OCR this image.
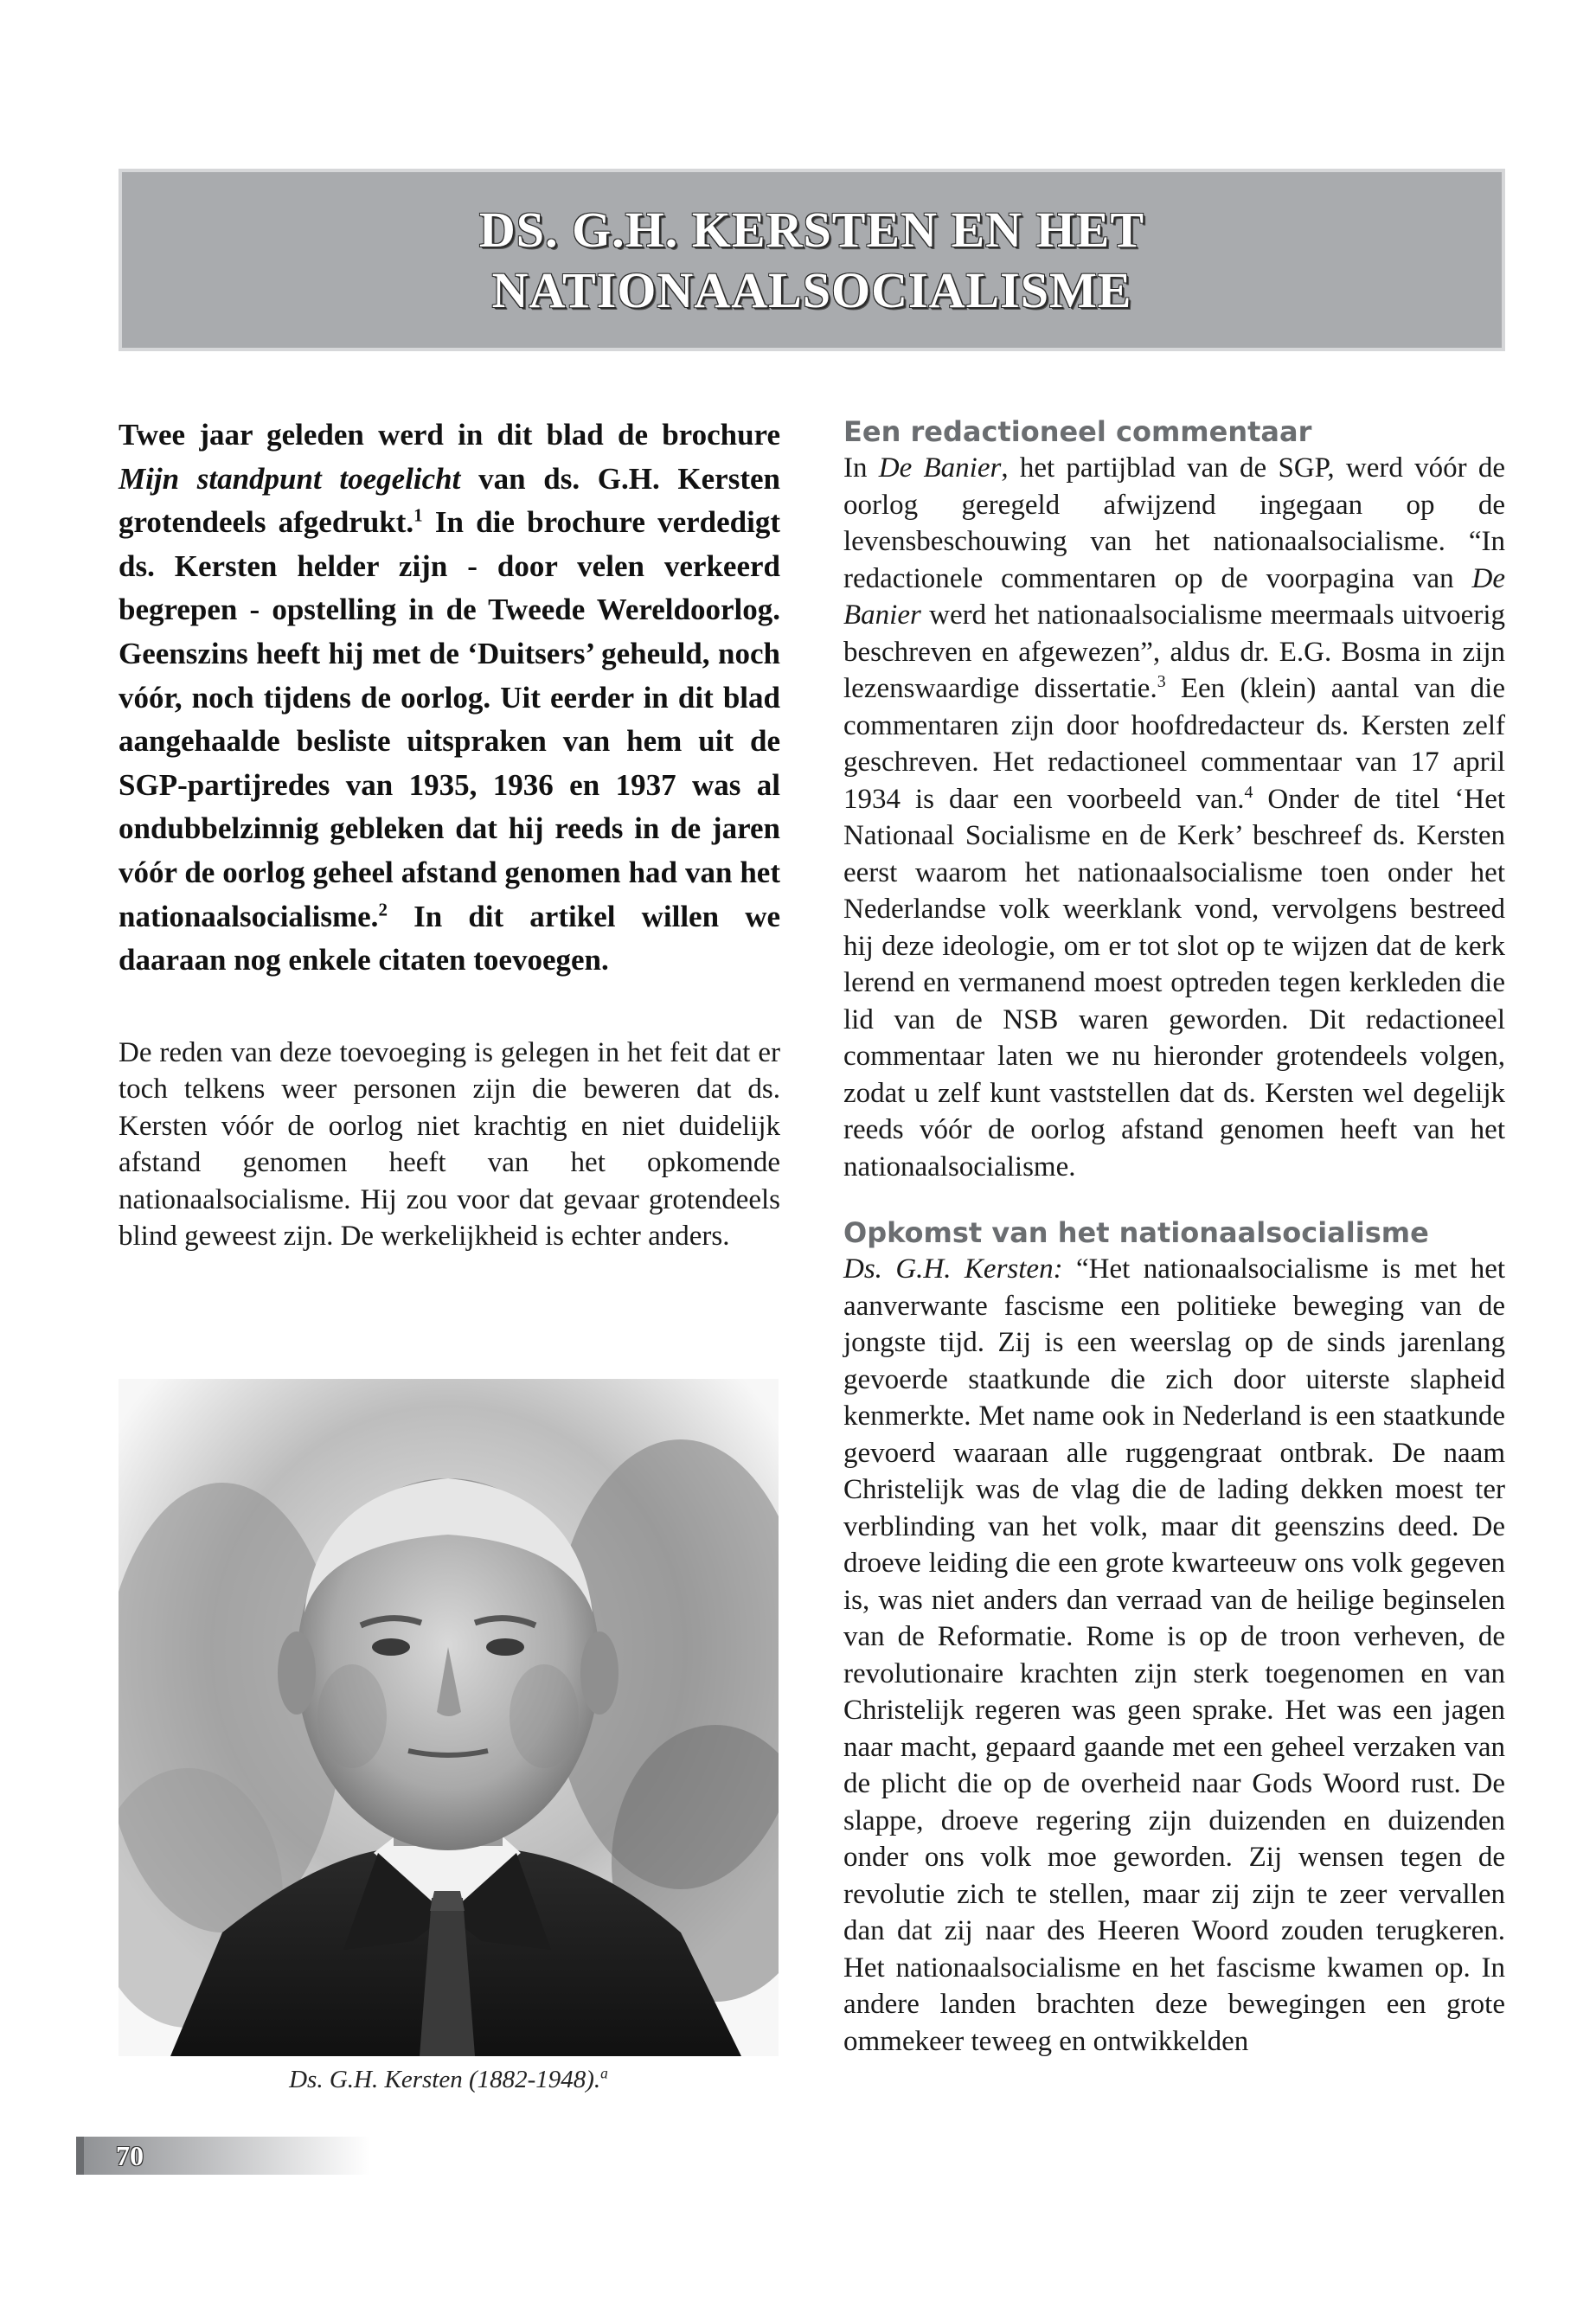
DS. G.H. KERSTEN EN HET
NATIONAALSOCIALISME

Twee jaar geleden werd in dit blad de brochure Mijn standpunt toegelicht van ds. G.H. Kersten grotendeels afgedrukt.$^1$ In die brochure verdedigt ds. Kersten helder zijn - door velen verkeerd begrepen - opstelling in de Tweede Wereldoorlog. Geenszins heeft hij met de ‘Duitsers’ geheuld, noch vóór, noch tijdens de oorlog. Uit eerder in dit blad aangehaalde besliste uitspraken van hem uit de SGP-partijredes van 1935, 1936 en 1937 was al ondubbelzinnig gebleken dat hij reeds in de jaren vóór de oorlog geheel afstand genomen had van het nationaalsocialisme.$^2$ In dit artikel willen we daaraan nog enkele citaten toevoegen.

De reden van deze toevoeging is gelegen in het feit dat er toch telkens weer personen zijn die beweren dat ds. Kersten vóór de oorlog niet krachtig en niet duidelijk afstand genomen heeft van het opkomende nationaalsocialisme. Hij zou voor dat gevaar grotendeels blind geweest zijn. De werkelijkheid is echter anders.

Ds. G.H. Kersten (1882-1948).$^a$
Een redactioneel commentaar

In De Banier, het partijblad van de SGP, werd vóór de oorlog geregeld afwijzend ingegaan op de levensbeschouwing van het nationaalsocialisme. “In redactionele commentaren op de voorpagina van De Banier werd het nationaalsocialisme meermaals uitvoerig beschreven en afgewezen”, aldus dr. E.G. Bosma in zijn lezenswaardige dissertatie.$^3$ Een (klein) aantal van die commentaren zijn door hoofdredacteur ds. Kersten zelf geschreven. Het redactioneel commentaar van 17 april 1934 is daar een voorbeeld van.$^4$ Onder de titel ‘Het Nationaal Socialisme en de Kerk’ beschreef ds. Kersten eerst waarom het nationaalsocialisme toen onder het Nederlandse volk weerklank vond, vervolgens bestreed hij deze ideologie, om er tot slot op te wijzen dat de kerk lerend en vermanend moest optreden tegen kerkleden die lid van de NSB waren geworden. Dit redactioneel commentaar laten we nu hieronder grotendeels volgen, zodat u zelf kunt vaststellen dat ds. Kersten wel degelijk reeds vóór de oorlog afstand genomen heeft van het nationaalsocialisme.

Opkomst van het nationaalsocialisme

Ds. G.H. Kersten: “Het nationaalsocialisme is met het aanverwante fascisme een politieke beweging van de jongste tijd. Zij is een weerslag op de sinds jarenlang gevoerde staatkunde die zich door uiterste slapheid kenmerkte. Met name ook in Nederland is een staatkunde gevoerd waaraan alle ruggengraat ontbrak. De naam Christelijk was de vlag die de lading dekken moest ter verblinding van het volk, maar dit geenszins deed. De droeve leiding die een grote kwarteeuw ons volk gegeven is, was niet anders dan verraad van de heilige beginselen van de Reformatie. Rome is op de troon verheven, de revolutionaire krachten zijn sterk toegenomen en van Christelijk regeren was geen sprake. Het was een jagen naar macht, gepaard gaande met een geheel verzaken van de plicht die op de overheid naar Gods Woord rust. De slappe, droeve regering zijn duizenden en duizenden onder ons volk moe geworden. Zij wensen tegen de revolutie zich te stellen, maar zij zijn te zeer vervallen dan dat zij naar des Heeren Woord zouden terugkeren. Het nationaalsocialisme en het fascisme kwamen op. In andere landen brachten deze bewegingen een grote ommekeer teweeg en ontwikkelden

70
